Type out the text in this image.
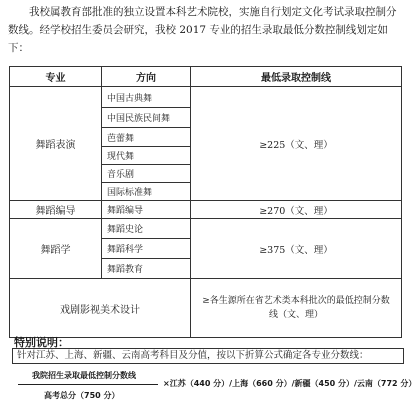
我校属教育部批准的独立设置本科艺术院校，实施自行划定文化考试录取控制分数线。经学校招生委员会研究，我校 2017 专业的招生录取最低分数控制线划定如下：

专业	方向	最低录取控制线
舞蹈表演	中国古典舞	≥225（文、理）
	中国民族民间舞	
	芭蕾舞	
	现代舞	
	音乐剧	
	国际标准舞	
舞蹈编导	舞蹈编导	≥270（文、理）
舞蹈学	舞蹈史论	≥375（文、理）
	舞蹈科学	
	舞蹈教育	
戏剧影视美术设计		≥各生源所在省艺术类本科批次的最低控制分数线（文、理）
特别说明：
针对江苏、上海、新疆、云南高考科目及分值，按以下折算公式确定各专业分数线：
我院招生录取最低控制分数线
高考总分（750 分）
×江苏（440 分）/上海（660 分）/新疆（450 分）/云南（772 分）
